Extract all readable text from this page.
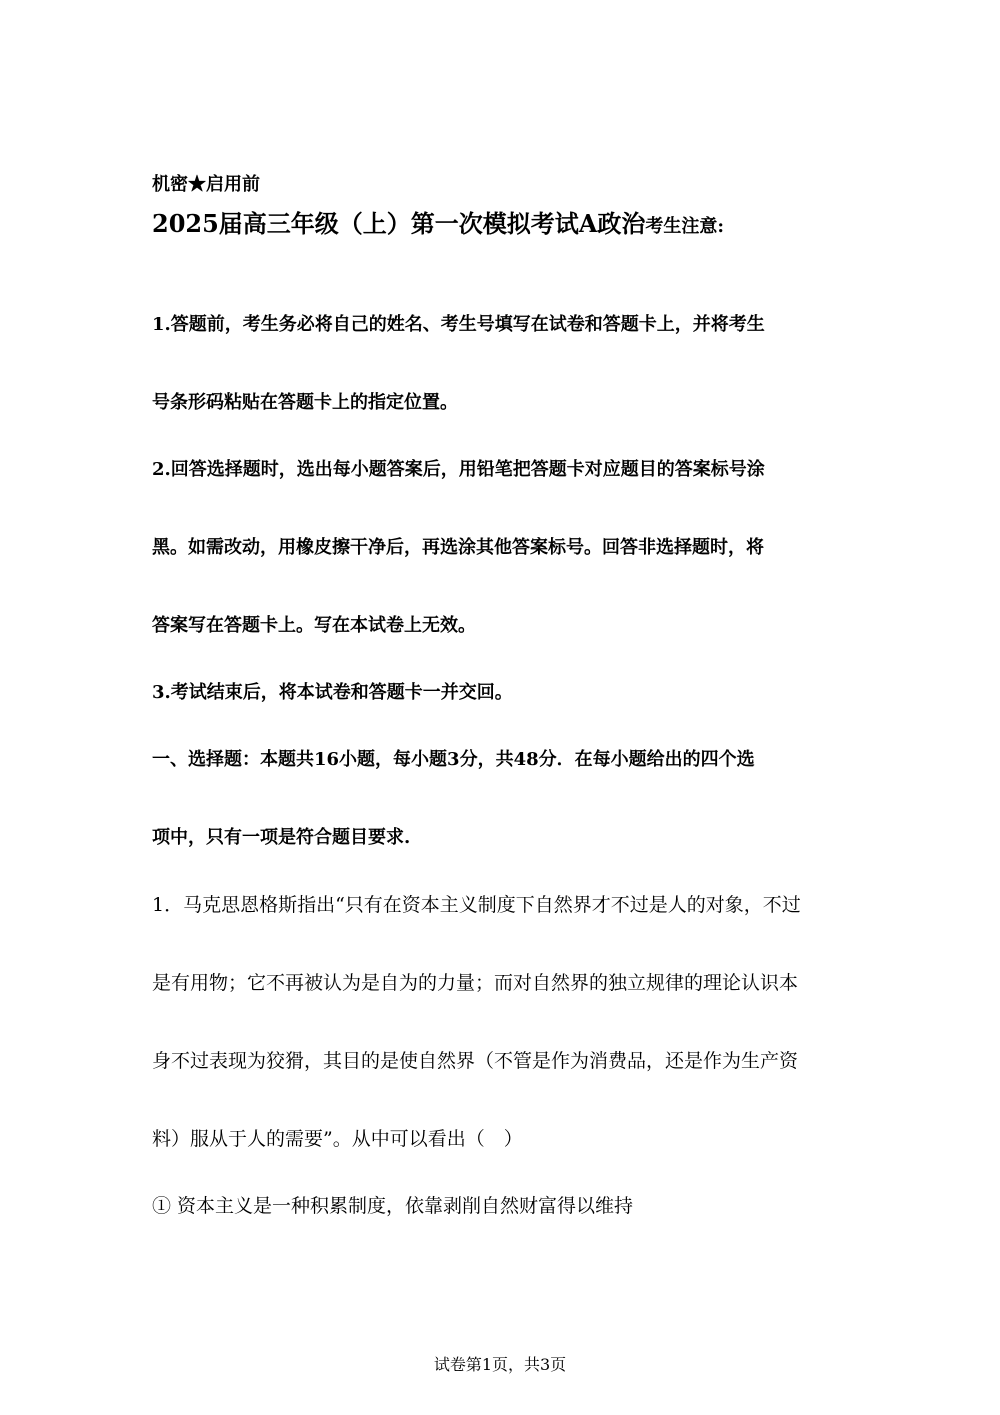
机密★启用前
2025届高三年级（上）第一次模拟考试A政治考生注意:
1.答题前，考生务必将自己的姓名、考生号填写在试卷和答题卡上，并将考生
号条形码粘贴在答题卡上的指定位置。
2.回答选择题时，选出每小题答案后，用铅笔把答题卡对应题目的答案标号涂
黑。如需改动，用橡皮擦干净后，再选涂其他答案标号。回答非选择题时，将
答案写在答题卡上。写在本试卷上无效。
3.考试结束后，将本试卷和答题卡一并交回。
一、选择题：本题共16小题，每小题3分，共48分．在每小题给出的四个选
项中，只有一项是符合题目要求.
1．马克思恩格斯指出“只有在资本主义制度下自然界才不过是人的对象，不过
是有用物；它不再被认为是自为的力量；而对自然界的独立规律的理论认识本
身不过表现为狡猾，其目的是使自然界（不管是作为消费品，还是作为生产资
料）服从于人的需要”。从中可以看出（　）
① 资本主义是一种积累制度，依靠剥削自然财富得以维持
试卷第1页，共3页
